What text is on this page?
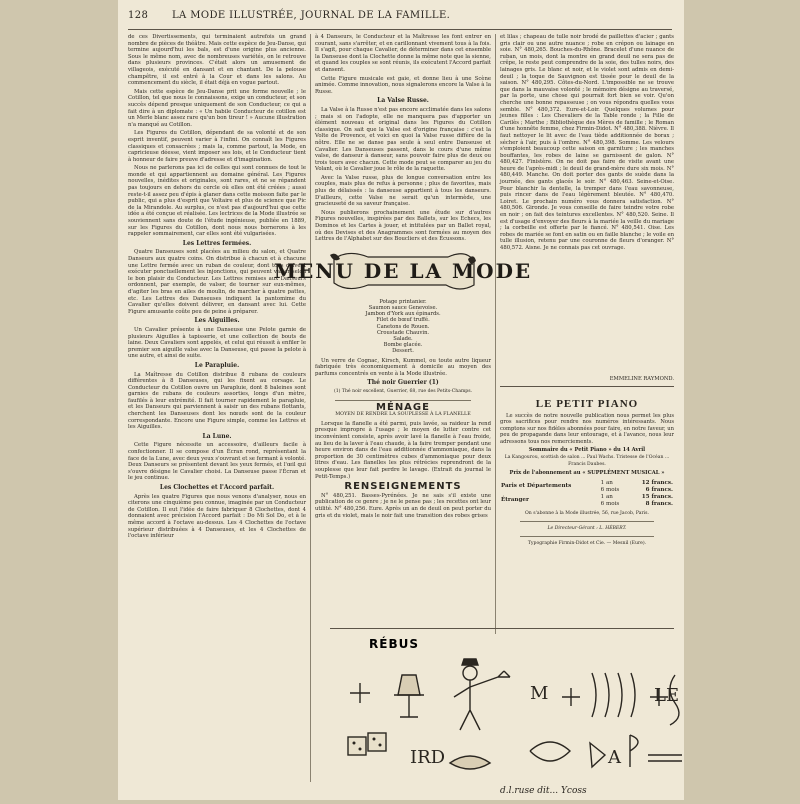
128 LA MODE ILLUSTRÉE, JOURNAL DE LA FAMILLE.

de ces Divertissements, qui terminaient autrefois un grand nombre de pièces de théâtre. Mais cette espèce de Jeu-Danse, qui termine aujourd'hui les bals, est d'une origine plus ancienne. Sous le même nom, avec de nombreuses variétés, on le retrouve dans plusieurs provinces. C'était alors un amusement de villageois, exécuté en dansant et en chantant. De la pelouse champêtre, il est entré à la Cour et dans les salons. Au commencement du siècle, il était déjà en vogue partout.

Mais cette espèce de Jeu-Danse prit une forme nouvelle ; le Cotillon, tel que nous le connaissons, exige un conducteur, et son succès dépend presque uniquement de son Conducteur, ce qui a fait dire à un diplomate : « Un habile Conducteur de cotillon est un Merle blanc assez rare qu'un bon tireur ! » Aucune illustration n'a manqué au Cotillon.

Les Figures du Cotillon, dépendant de sa volonté et de son esprit inventif, peuvent varier à l'infini. On connaît les Figures classiques et consacrées ; mais la, comme partout, la Mode, en capricieuse déesse, vient imposer ses lois, et le Conducteur tient à honneur de faire preuve d'adresse et d'imagination.

Nous ne parlerons pas ici de celles qui sont connues de tout le monde et qui appartiennent au domaine général. Les Figures nouvelles, inédites et originales, sont rares, et ne se répandent pas toujours en dehors du cercle où elles ont été créées ; aussi reste-t-il assez peu d'épis à glaner dans cette moisson faite par le public, qui a plus d'esprit que Voltaire et plus de science que Pic de la Mirandole. Au surplus, ce n'est pas d'aujourd'hui que cette idée a été conçue et réalisée. Les lectrices de la Mode illustrée se souviennent sans doute de l'étude ingénieuse, publiée en 1889, sur les Figures du Cotillon, dont nous nous bornerons à les rappeler sommairement, car elles sont été vulgarisées.

Les Lettres fermées.

Quatre Danseuses sont placées au milieu du salon, et Quatre Danseurs aux quatre coins. On distribue à chacun et à chacune une Lettre fermée avec un ruban de couleur, dont tous doivent exécuter ponctuellement les injonctions, qui peuvent varier selon le bon plaisir du Conducteur. Les Lettres remises aux Danseurs ordonnent, par exemple, de valser, de tourner sur eux-mêmes, d'agiter les bras en ailes de moulin, de marcher à quatre pattes, etc. Les Lettres des Danseuses indiquent la pantomime du Cavalier qu'elles doivent délivrer, en dansant avec lui. Cette Figure amusante coûte peu de peine à préparer.

Les Aiguilles.

Un Cavalier présente à une Danseuse une Pelote garnie de plusieurs Aiguilles à tapisserie, et une collection de bouts de laine. Deux Cavaliers sont appelés, et celui qui réussit à enfiler le premier son aiguille valse avec la Danseuse, qui passe la pelote à une autre, et ainsi de suite.

Le Parapluie.

La Maîtresse du Cotillon distribue 8 rubans de couleurs différentes à 8 Danseuses, qui les fixent au corsage. Le Conducteur du Cotillon ouvre un Parapluie, dont 8 baleines sont garnies de rubans de couleurs assorties, longs d'un mètre, faufilés à leur extrémité. Il fait tourner rapidement le parapluie, et les Danseurs qui parviennent à saisir un des rubans flottants, cherchent les Danseuses dont les nœuds sont de la couleur correspondante. Encore une Figure simple, comme les Lettres et les Aiguilles.

La Lune.

Cette Figure nécessite un accessoire, d'ailleurs facile à confectionner. Il se compose d'un Écran rond, représentant la face de la Lune, avec deux yeux s'ouvrant et se fermant à volonté. Deux Danseurs se présentent devant les yeux fermés, et l'œil qui s'ouvre désigne le Cavalier choisi. La Danseuse passe l'Écran et le jeu continue.

Les Clochettes et l'Accord parfait.

Après les quatre Figures que nous venons d'analyser, nous en citerons une cinquième peu connue, imaginée par un Conducteur de Cotillon. Il eut l'idée de faire fabriquer 8 Clochettes, dont 4 donnaient avec précision l'Accord parfait : Do Mi Sol Do, et à le même accord à l'octave au-dessus. Les 4 Clochettes de l'octave supérieur distribuées à 4 Danseuses, et les 4 Clochettes de l'octave inférieur

à 4 Danseurs, le Conducteur et la Maîtresse les font entrer en courant, sans s'arrêter, et en carillonnant vivement tous à la fois. Il s'agit, pour chaque Cavalier, de déterminer dans cet ensemble la Danseuse dont la Clochette donne la même note que la sienne, et quand les couples se sont réunis, ils exécutent l'Accord parfait et dansent.

Cette Figure musicale est gaie, et donne lieu à une Scène animée. Comme innovation, nous signalerons encore la Valse à la Russe.

La Valse Russe.

La Valse à la Russe n'est pas encore acclimatée dans les salons ; mais si on l'adopte, elle ne manquera pas d'apporter un élément nouveau et original dans les Figures du Cotillon classique. On sait que la Valse est d'origine française : c'est la Volte de Provence, et voici en quoi la Valse russe diffère de la nôtre. Elle ne se danse pas seule à seul entre Danseuse et Cavalier. Les Danseuses passent, dans le cours d'une même valse, de danseur à danseur, sans pouvoir faire plus de deux ou trois tours avec chacun. Cette mode peut se comparer au jeu du Volant, où le Cavalier joue le rôle de la raquette.

Avec la Valse russe, plus de longue conversation entre les couples, mais plus de refus à personne ; plus de favorites, mais plus de délaissés : la danseuse appartient à tous les danseurs. D'ailleurs, cette Valse ne serait qu'un intermède, une gracieuseté de sa saveur française.

Nous publierons prochainement une étude sur d'autres Figures nouvelles, inspirées par des Ballets, sur les Echecs, les Dominos et les Cartes à jouer, et intitulées par un Ballet royal, où des Devises et des Anagrammes sont formées au moyen des Lettres de l'Alphabet sur des Boucliers et des Écussons.

MENU DE LA MODE
Potage printanier.
Saumon sauce Genevoise.
Jambon d'York aux épinards.
Filet de bœuf truffé.
Canetons de Rouen.
Croustade Chauvin.
Salade.
Bombe glacée.
Dessert.

Un verre de Cognac, Kirsch, Kummel, ou toute autre liqueur fabriquée très économiquement à domicile au moyen des parfums concentrés en vente à la Mode illustrée.

Thé noir Guerrier (1)

(1) Thé noir excellent, Guerrier, 68, rue des Petits-Champs.

MÉNAGE
MOYEN DE RENDRE LA SOUPLESSE À LA FLANELLE

Lorsque la flanelle a été parmi, puis lavée, sa raideur la rend presque impropre à l'usage ; le moyen de lutter contre cet inconvénient consiste, après avoir lavé la flanelle à l'eau froide, au lieu de la laver à l'eau chaude, à la faire tremper pendant une heure environ dans de l'eau additionnée d'ammoniaque, dans la proportion de 30 centimètres cubes d'ammoniaque pour deux litres d'eau. Les flanelles les plus rétrécies reprendront de la souplesse que leur fait perdre le lavage. (Extrait du journal le Petit-Temps.)

RENSEIGNEMENTS

N° 480,251. Basses-Pyrénées. Je ne sais s'il existe une publication de ce genre ; je ne le pense pas ; les recettes ont leur utilité. N° 480,256. Eure. Après un an de deuil on peut porter du gris et du violet, mais le noir fait une transition des robes grises

et lilas ; chapeau de tulle noir brodé de paillettes d'acier ; gants gris clair ou une autre nuance ; robe en crépon ou lainage en soie. N° 480,265. Bouches-du-Rhône. Bracelet d'une nuance de ruban, un mois, dont la montre en grand deuil ne sera pas de crêpe, le reste peut comprendre de la soie, des tulles noirs, des lainages gris. Le blanc et noir, et le violet sont admis en demi-deuil ; la toque de Sauvignon est tissée pour le deuil de la saison. N° 480,295. Côtes-du-Nord. L'impossible ne se trouve que dans la mauvaise volonté ; le mémoire désigne au traversé, par la porte, une chose qui pourrait fort bien se voir. Qu'on cherche une bonne repasseuse ; on vous répondra quelles vous semble. N° 480,372. Eure-et-Loir. Quelques volumes pour jeunes filles : Les Chevaliers de la Table ronde ; la Fille de Carilès ; Marthe ; Bibliothèque des Mères de famille ; le Roman d'une honnête femme, chez Firmin-Didot. N° 480,388. Nièvre. Il faut nettoyer le lit avec de l'eau tiède additionnée de borax ; sécher à l'air, puis à l'ombre. N° 480,398. Somme. Les velours s'emploient beaucoup cette saison en garniture ; les manches bouffantes, les robes de laine se garnissent de galon. N° 480,427. Finistère. On ne doit pas faire de visite avant une heure de l'après-midi ; le deuil de grand-mère dure six mois. N° 480,449. Manche. On doit porter des gants de suède dans la journée, des gants glacés le soir. N° 480,463. Seine-et-Oise. Pour blanchir la dentelle, la tremper dans l'eau savonneuse, puis rincer dans de l'eau légèrement bleutée. N° 480,470. Loiret. Le prochain numéro vous donnera satisfaction. N° 480,506. Gironde. Je vous conseille de faire teindre votre robe en noir ; on fait des teintures excellentes. N° 480,520. Seine. Il est d'usage d'envoyer des fleurs à la mariée la veille du mariage ; la corbeille est offerte par le fiancé. N° 480,541. Oise. Les robes de mariée se font en satin ou en faille blanche ; le voile en tulle illusion, retenu par une couronne de fleurs d'oranger. N° 480,572. Aisne. Je ne connais pas cet ouvrage.

EMMELINE RAYMOND.
LE PETIT PIANO

Le succès de notre nouvelle publication nous permet les plus gros sacrifices pour rendre nos numéros intéressants. Nous comptons sur nos fidèles abonnées pour faire, en notre faveur, un peu de propagande dans leur entourage, et à l'avance, nous leur adressons tous nos remerciements.

Sommaire du « Petit Piano » du 14 Avril

La Kangourou, scottish de salon ... Paul Wachs. Tristesse de l'Océan ... Francis Daubes.

Prix de l'abonnement au « SUPPLÉMENT MUSICAL »

Paris et Départements	1 an	12 francs.
	6 mois	6 francs.
Étranger	1 an	15 francs.
	6 mois	8 francs.

On s'abonne à la Mode illustrée, 56, rue Jacob, Paris.

Le Directeur-Gérant : L. HÉBERT.

Typographie Firmin-Didot et Cie. — Mesnil (Eure).

RÉBUS
M	LE
IRD	A
d.l.ruse dit... Ycoss
